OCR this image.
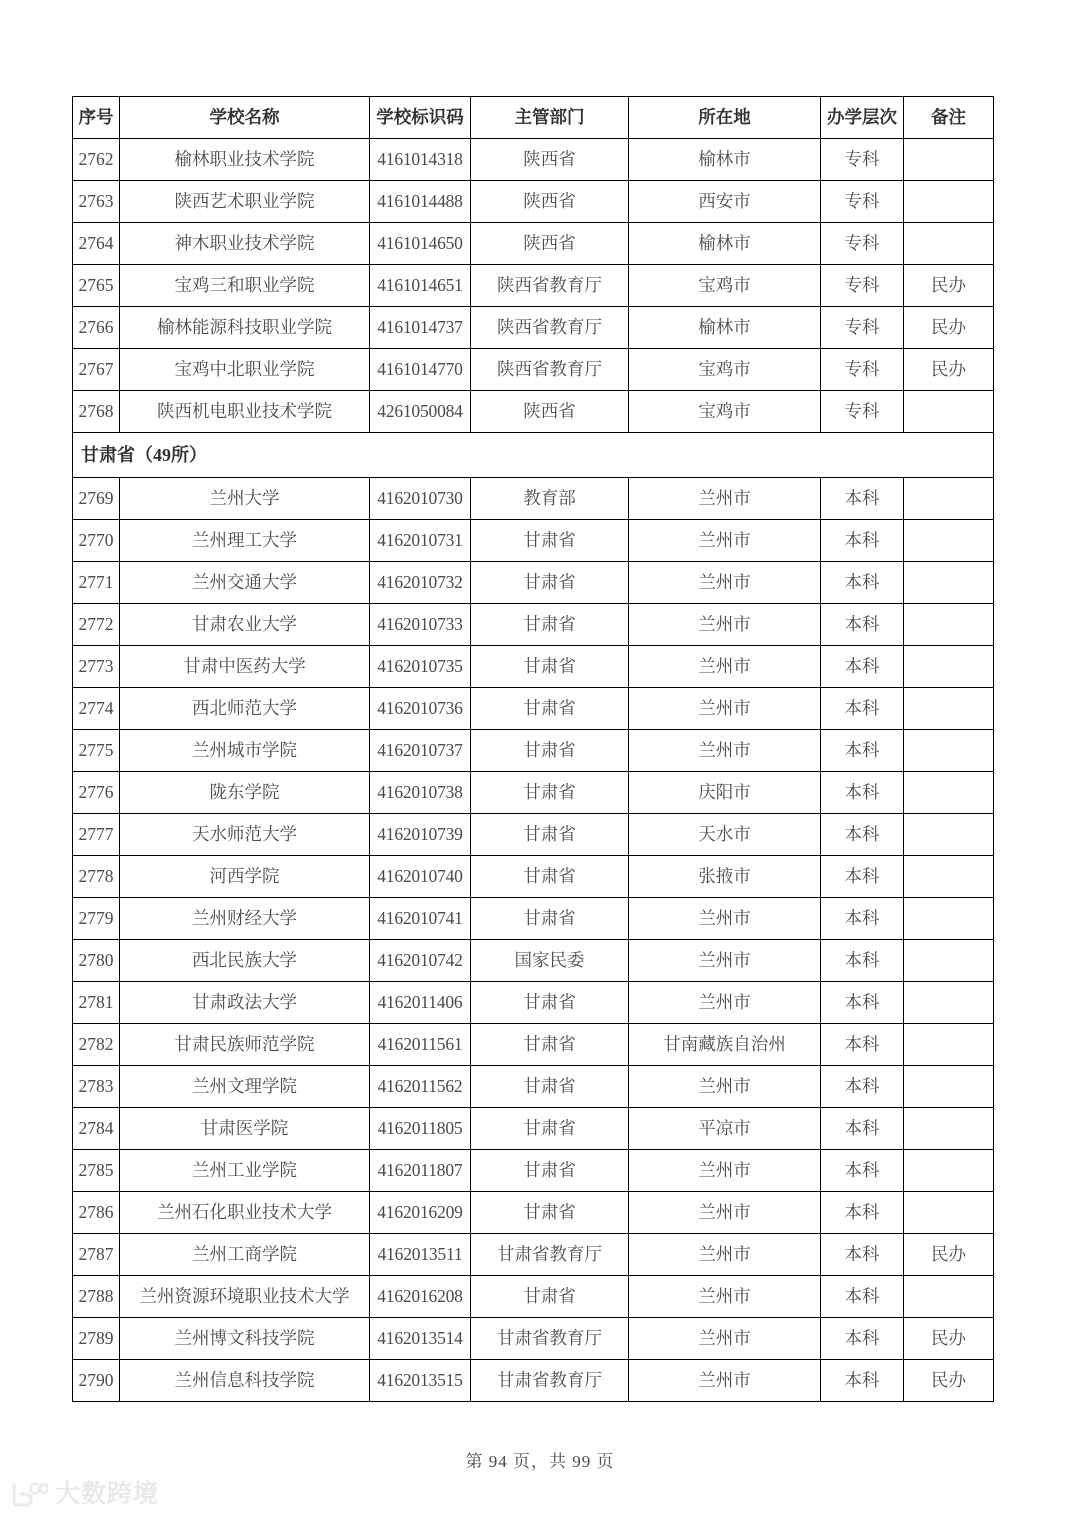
序号	学校名称	学校标识码	主管部门	所在地	办学层次	备注
2762	榆林职业技术学院	4161014318	陕西省	榆林市	专科	
2763	陕西艺术职业学院	4161014488	陕西省	西安市	专科	
2764	神木职业技术学院	4161014650	陕西省	榆林市	专科	
2765	宝鸡三和职业学院	4161014651	陕西省教育厅	宝鸡市	专科	民办
2766	榆林能源科技职业学院	4161014737	陕西省教育厅	榆林市	专科	民办
2767	宝鸡中北职业学院	4161014770	陕西省教育厅	宝鸡市	专科	民办
2768	陕西机电职业技术学院	4261050084	陕西省	宝鸡市	专科	
甘肃省（49所）						
2769	兰州大学	4162010730	教育部	兰州市	本科	
2770	兰州理工大学	4162010731	甘肃省	兰州市	本科	
2771	兰州交通大学	4162010732	甘肃省	兰州市	本科	
2772	甘肃农业大学	4162010733	甘肃省	兰州市	本科	
2773	甘肃中医药大学	4162010735	甘肃省	兰州市	本科	
2774	西北师范大学	4162010736	甘肃省	兰州市	本科	
2775	兰州城市学院	4162010737	甘肃省	兰州市	本科	
2776	陇东学院	4162010738	甘肃省	庆阳市	本科	
2777	天水师范大学	4162010739	甘肃省	天水市	本科	
2778	河西学院	4162010740	甘肃省	张掖市	本科	
2779	兰州财经大学	4162010741	甘肃省	兰州市	本科	
2780	西北民族大学	4162010742	国家民委	兰州市	本科	
2781	甘肃政法大学	4162011406	甘肃省	兰州市	本科	
2782	甘肃民族师范学院	4162011561	甘肃省	甘南藏族自治州	本科	
2783	兰州文理学院	4162011562	甘肃省	兰州市	本科	
2784	甘肃医学院	4162011805	甘肃省	平凉市	本科	
2785	兰州工业学院	4162011807	甘肃省	兰州市	本科	
2786	兰州石化职业技术大学	4162016209	甘肃省	兰州市	本科	
2787	兰州工商学院	4162013511	甘肃省教育厅	兰州市	本科	民办
2788	兰州资源环境职业技术大学	4162016208	甘肃省	兰州市	本科	
2789	兰州博文科技学院	4162013514	甘肃省教育厅	兰州市	本科	民办
2790	兰州信息科技学院	4162013515	甘肃省教育厅	兰州市	本科	民办
第 94 页，共 99 页
大数跨境
